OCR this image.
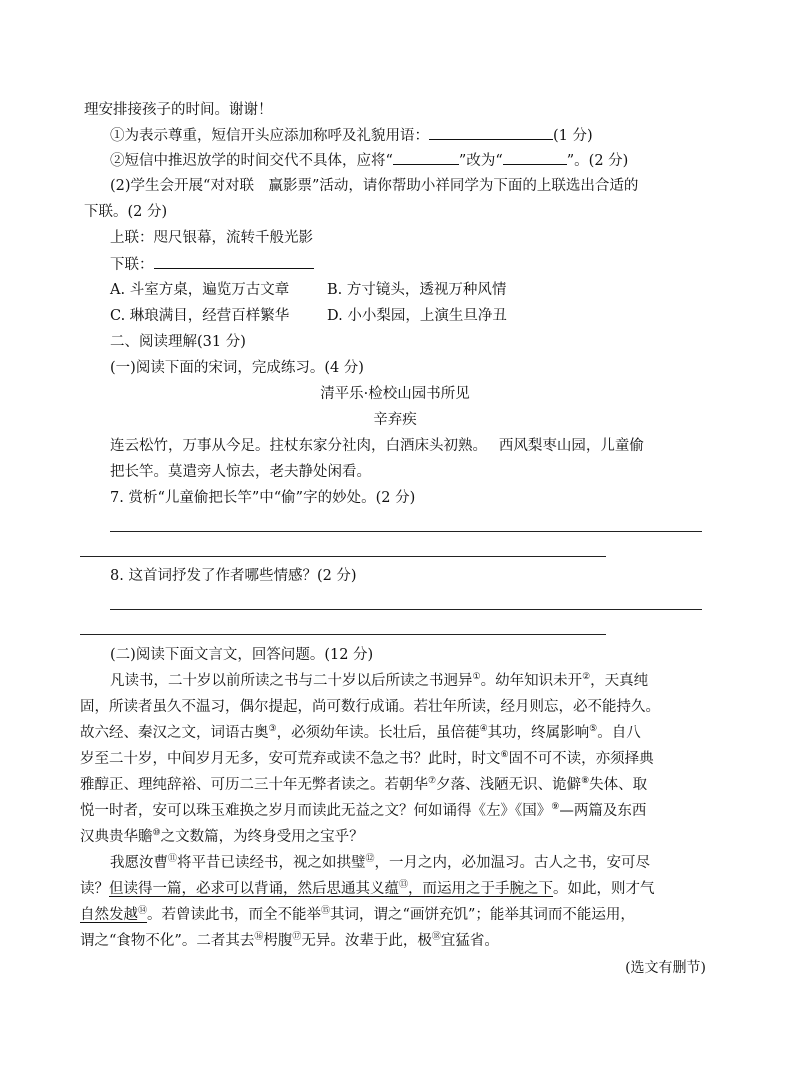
理安排接孩子的时间。谢谢！
①为表示尊重，短信开头应添加称呼及礼貌用语：	(1 分)
②短信中推迟放学的时间交代不具体，应将“	”改为“	”。(2 分)
(2)学生会开展“对对联　赢影票”活动，请你帮助小祥同学为下面的上联选出合适的
下联。(2 分)
上联：咫尺银幕，流转千般光影
下联：
A. 斗室方桌，遍览万古文章	B. 方寸镜头，透视万种风情
C. 琳琅满目，经营百样繁华	D. 小小梨园，上演生旦净丑
二、阅读理解(31 分)
(一)阅读下面的宋词，完成练习。(4 分)
清平乐·检校山园书所见
辛弃疾
连云松竹，万事从今足。拄杖东家分社肉，白酒床头初熟。　 西风梨枣山园，儿童偷
把长竿。莫遣旁人惊去，老夫静处闲看。
7. 赏析“儿童偷把长竿”中“偷”字的妙处。(2 分)
8. 这首词抒发了作者哪些情感？(2 分)
(二)阅读下面文言文，回答问题。(12 分)
凡读书，二十岁以前所读之书与二十岁以后所读之书迥异①。幼年知识未开②，天真纯
固，所读者虽久不温习，偶尔提起，尚可数行成诵。若壮年所读，经月则忘，必不能持久。
故六经、秦汉之文，词语古奥③，必须幼年读。长壮后，虽倍蓰④其功，终属影响⑤。自八
岁至二十岁，中间岁月无多，安可荒弃或读不急之书？此时，时文⑥固不可不读，亦须择典
雅醇正、理纯辞裕、可历二三十年无弊者读之。若朝华⑦夕落、浅陋无识、诡僻⑧失体、取
悦一时者，安可以珠玉难换之岁月而读此无益之文？何如诵得《左》《国》⑨—两篇及东西
汉典贵华贍⑩之文数篇，为终身受用之宝乎？
我愿汝曹⑪将平昔已读经书，视之如拱璧⑫，一月之内，必加温习。古人之书，安可尽
读？但读得一篇，必求可以背诵，然后思通其义蕴⑬，而运用之于手腕之下。如此，则才气
自然发越⑭。若曾读此书，而全不能举⑮其词，谓之“画饼充饥”；能举其词而不能运用，
谓之“食物不化”。二者其去⑯枵腹⑰无异。汝辈于此，极⑱宜猛省。
(选文有删节)
